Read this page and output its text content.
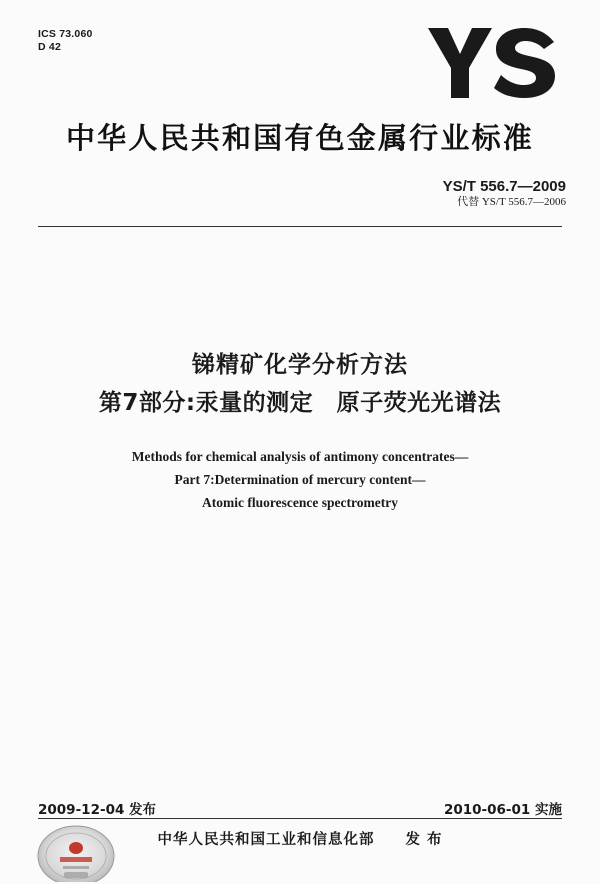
ICS 73.060
D 42
中华人民共和国有色金属行业标准
YS/T 556.7—2009
代替 YS/T 556.7—2006
锑精矿化学分析方法
第7部分:汞量的测定　原子荧光光谱法
Methods for chemical analysis of antimony concentrates—
Part 7:Determination of mercury content—
Atomic fluorescence spectrometry
2009-12-04 发布	2010-06-01 实施
中华人民共和国工业和信息化部　　发 布
